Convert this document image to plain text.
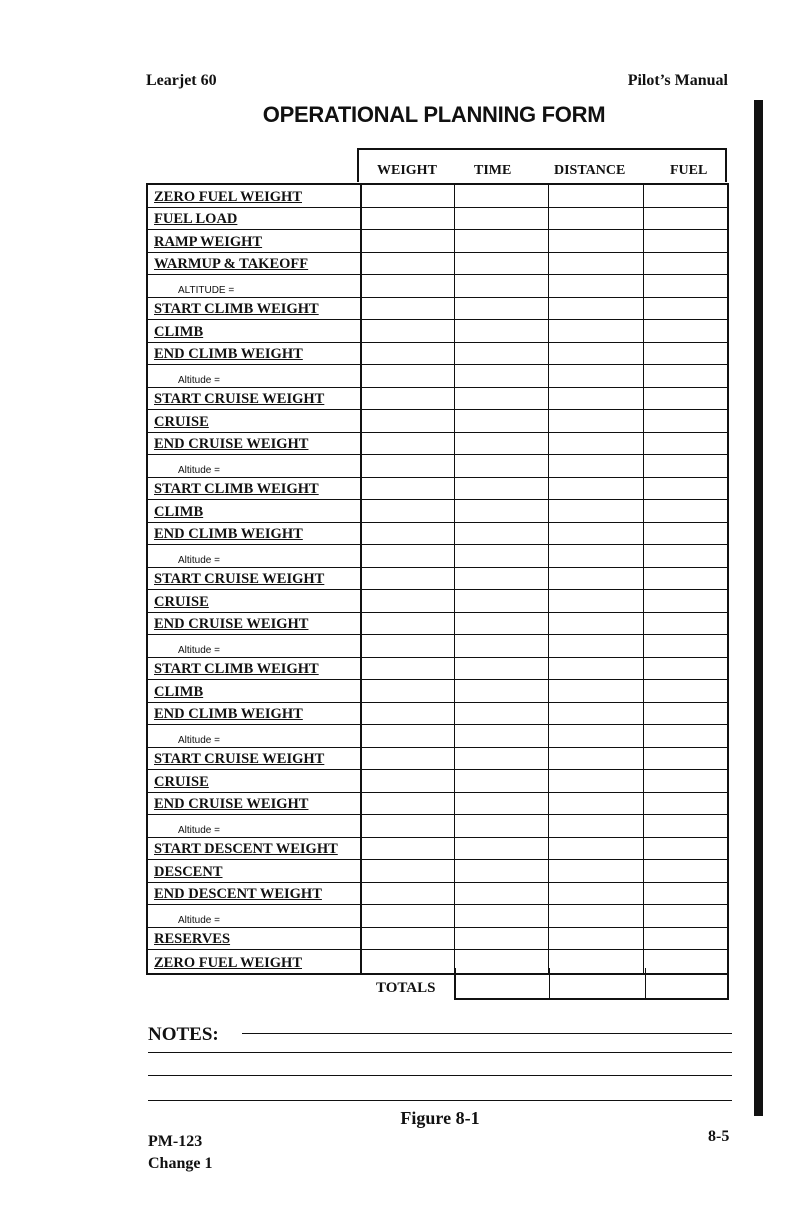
Learjet 60	Pilot’s Manual
OPERATIONAL PLANNING FORM
WEIGHT	TIME	DISTANCE	FUEL
ZERO FUEL WEIGHT
FUEL LOAD
RAMP WEIGHT
WARMUP & TAKEOFF
ALTITUDE =
START CLIMB WEIGHT
CLIMB
END CLIMB WEIGHT
Altitude =
START CRUISE WEIGHT
CRUISE
END CRUISE WEIGHT
Altitude =
START CLIMB WEIGHT
CLIMB
END CLIMB WEIGHT
Altitude =
START CRUISE WEIGHT
CRUISE
END CRUISE WEIGHT
Altitude =
START CLIMB WEIGHT
CLIMB
END CLIMB WEIGHT
Altitude =
START CRUISE WEIGHT
CRUISE
END CRUISE WEIGHT
Altitude =
START DESCENT WEIGHT
DESCENT
END DESCENT WEIGHT
Altitude =
RESERVES
ZERO FUEL WEIGHT
TOTALS
NOTES:
Figure 8-1
PM-123
Change 1
8-5
